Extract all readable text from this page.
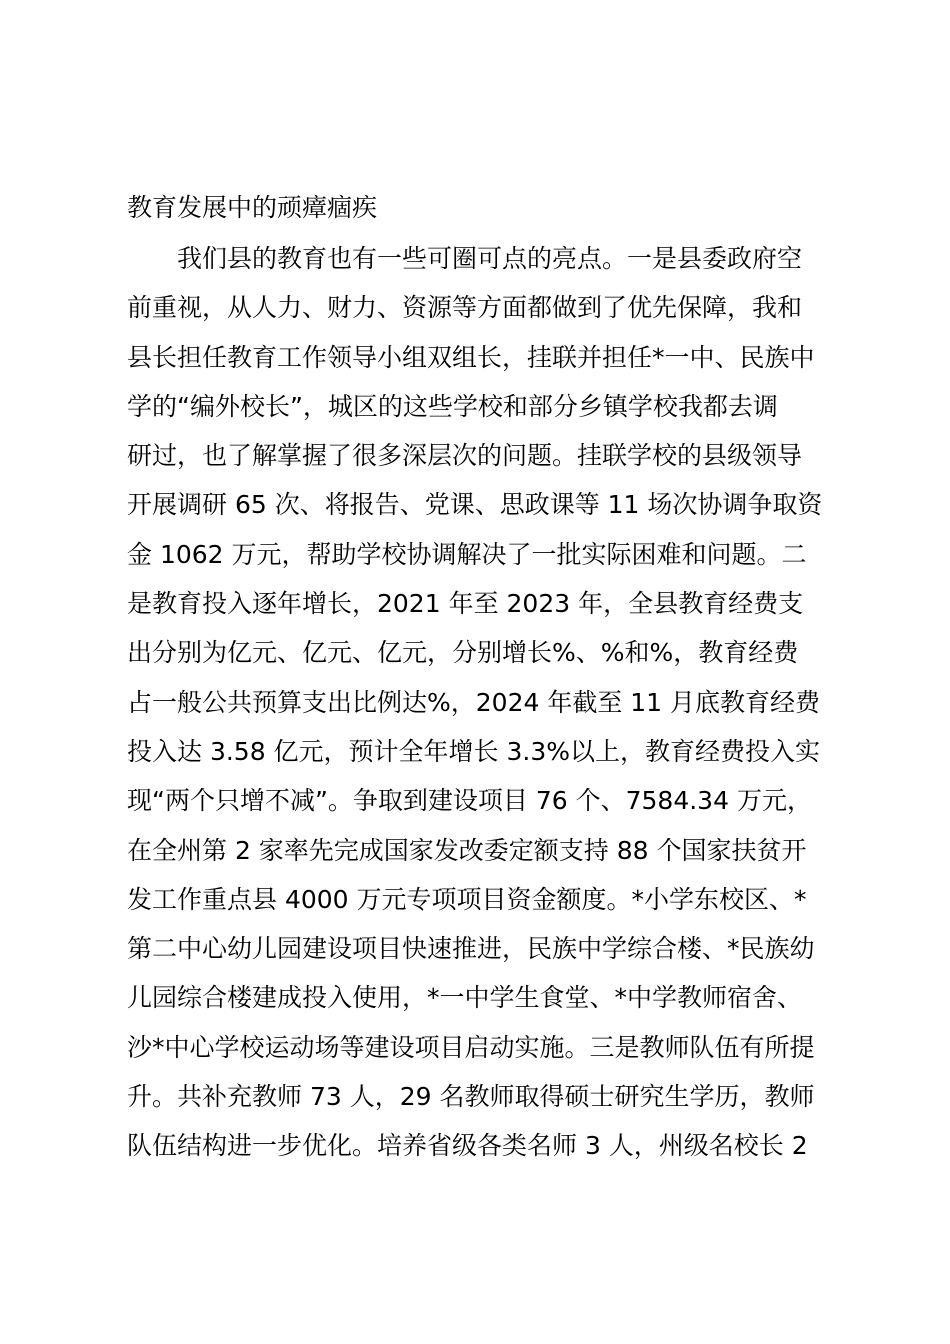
教育发展中的顽瘴痼疾
我们县的教育也有一些可圈可点的亮点。一是县委政府空
前重视，从人力、财力、资源等方面都做到了优先保障，我和
县长担任教育工作领导小组双组长，挂联并担任*一中、民族中
学的“编外校长”，城区的这些学校和部分乡镇学校我都去调
研过，也了解掌握了很多深层次的问题。挂联学校的县级领导
开展调研 65 次、将报告、党课、思政课等 11 场次协调争取资
金 1062 万元，帮助学校协调解决了一批实际困难和问题。二
是教育投入逐年增长，2021 年至 2023 年，全县教育经费支
出分别为亿元、亿元、亿元，分别增长%、%和%，教育经费
占一般公共预算支出比例达%，2024 年截至 11 月底教育经费
投入达 3.58 亿元，预计全年增长 3.3%以上，教育经费投入实
现“两个只增不减”。争取到建设项目 76 个、7584.34 万元，
在全州第 2 家率先完成国家发改委定额支持 88 个国家扶贫开
发工作重点县 4000 万元专项项目资金额度。*小学东校区、*
第二中心幼儿园建设项目快速推进，民族中学综合楼、*民族幼
儿园综合楼建成投入使用，*一中学生食堂、*中学教师宿舍、
沙*中心学校运动场等建设项目启动实施。三是教师队伍有所提
升。共补充教师 73 人，29 名教师取得硕士研究生学历，教师
队伍结构进一步优化。培养省级各类名师 3 人，州级名校长 2
